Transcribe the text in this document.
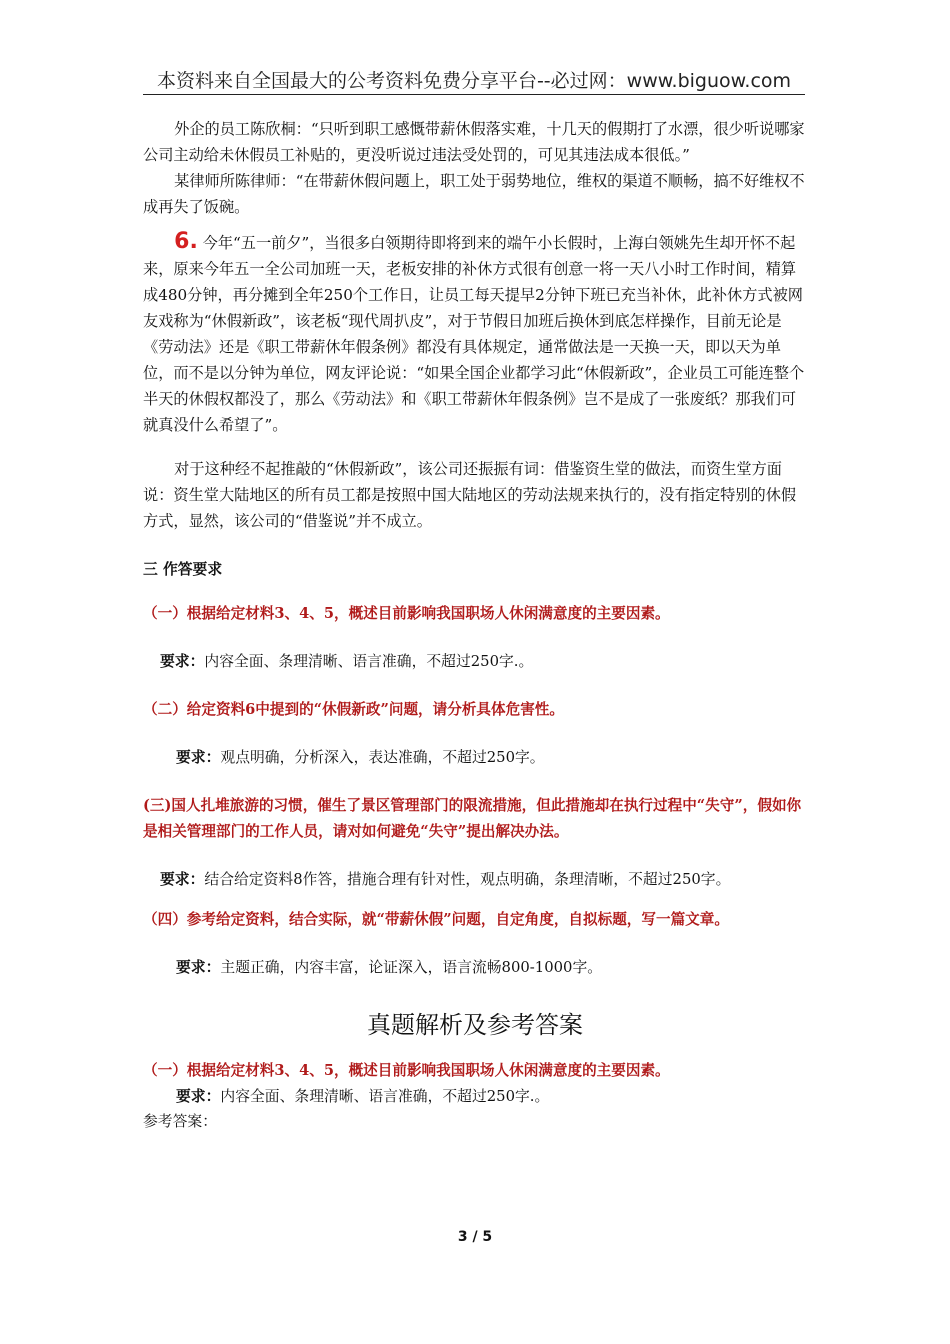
本资料来自全国最大的公考资料免费分享平台--必过网：www.biguow.com

外企的员工陈欣桐：“只听到职工感慨带薪休假落实难，十几天的假期打了水漂，很少听说哪家公司主动给未休假员工补贴的，更没听说过违法受处罚的，可见其违法成本很低。”

某律师所陈律师：“在带薪休假问题上，职工处于弱势地位，维权的渠道不顺畅，搞不好维权不成再失了饭碗。

6. 今年“五一前夕”，当很多白领期待即将到来的端午小长假时，上海白领姚先生却开怀不起来，原来今年五一全公司加班一天，老板安排的补休方式很有创意一将一天八小时工作时间，精算成480分钟，再分摊到全年250个工作日，让员工每天提早2分钟下班已充当补休，此补休方式被网友戏称为“休假新政”，该老板“现代周扒皮”，对于节假日加班后换休到底怎样操作，目前无论是《劳动法》还是《职工带薪休年假条例》都没有具体规定，通常做法是一天换一天，即以天为单位，而不是以分钟为单位，网友评论说：“如果全国企业都学习此“休假新政”，企业员工可能连整个半天的休假权都没了，那么《劳动法》和《职工带薪休年假条例》岂不是成了一张废纸？那我们可就真没什么希望了”。

对于这种经不起推敲的“休假新政”，该公司还振振有词：借鉴资生堂的做法，而资生堂方面说：资生堂大陆地区的所有员工都是按照中国大陆地区的劳动法规来执行的，没有指定特别的休假方式，显然，该公司的“借鉴说”并不成立。

三 作答要求

（一）根据给定材料3、4、5，概述目前影响我国职场人休闲满意度的主要因素。

要求：内容全面、条理清晰、语言准确，不超过250字.。

（二）给定资料6中提到的“休假新政”问题，请分析具体危害性。

要求：观点明确，分析深入，表达准确，不超过250字。

(三)国人扎堆旅游的习惯，催生了景区管理部门的限流措施，但此措施却在执行过程中“失守”，假如你是相关管理部门的工作人员，请对如何避免“失守”提出解决办法。

要求：结合给定资料8作答，措施合理有针对性，观点明确，条理清晰，不超过250字。

（四）参考给定资料，结合实际，就“带薪休假”问题，自定角度，自拟标题，写一篇文章。

要求：主题正确，内容丰富，论证深入，语言流畅800-1000字。

真题解析及参考答案

（一）根据给定材料3、4、5，概述目前影响我国职场人休闲满意度的主要因素。

要求：内容全面、条理清晰、语言准确，不超过250字.。

参考答案：

3 / 5
